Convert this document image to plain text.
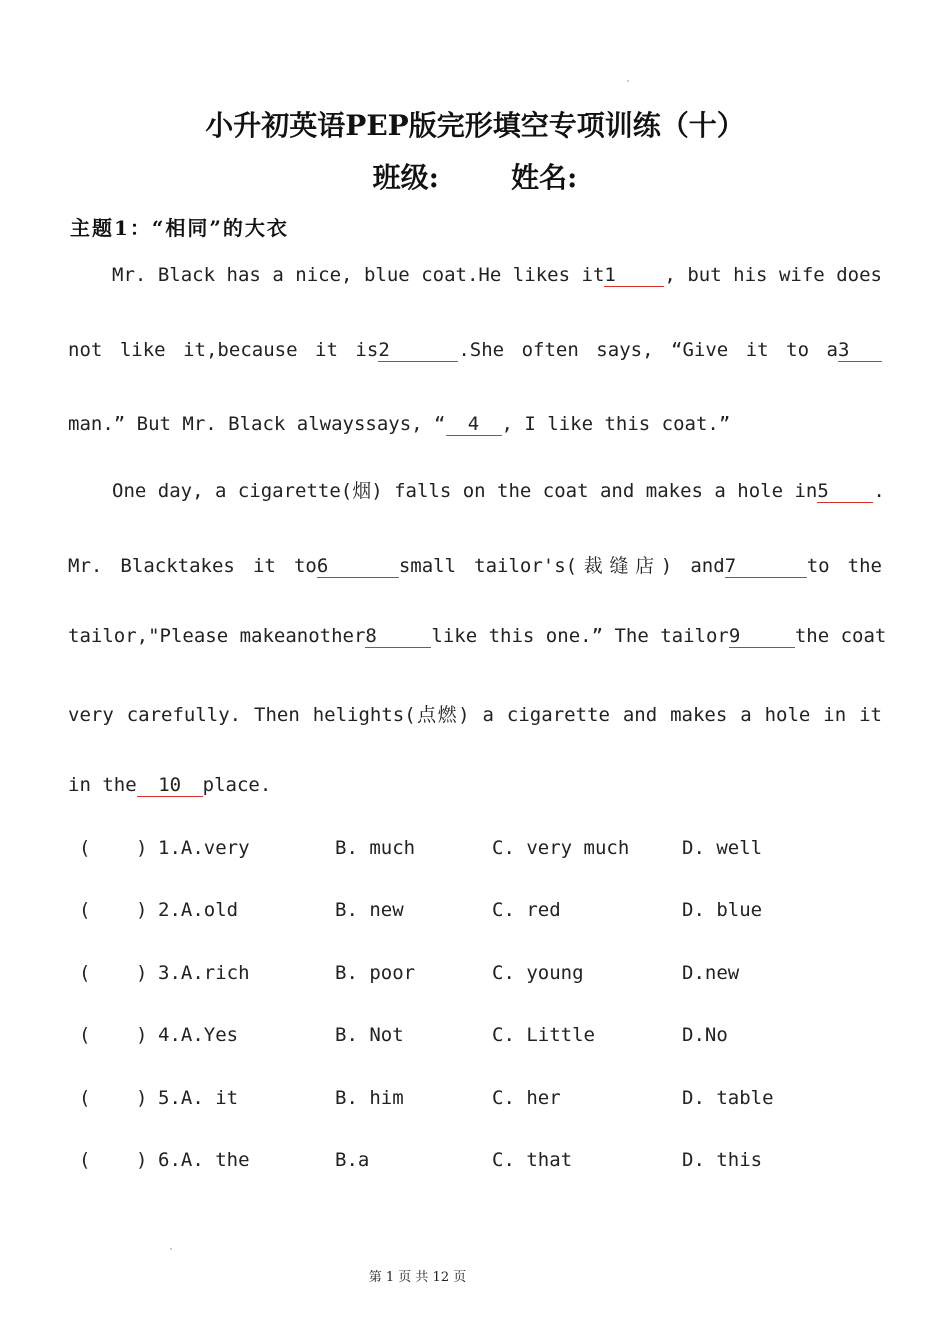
小升初英语PEP版完形填空专项训练（十）
班级:	姓名:
主题1：“相同”的大衣
Mr. Black has a nice, blue coat.He likes it1	, but his wife does
not like it,because it is2	.She often says, “Give it to a3
man.” But Mr. Black alwayssays, “ 4 , I like this coat.”
One day, a cigarette(烟) falls on the coat and makes a hole in5 .
Mr. Blacktakes it to6	small tailor's(裁缝店) and7	to the
tailor,"Please makeanother8	like this one.” The tailor9	the coat
very carefully. Then helights(点燃) a cigarette and makes a hole in it
in the 10 place.
( ) 1.A.very	B. much	C. very much	D. well
( ) 2.A.old	B. new	C. red	D. blue
( ) 3.A.rich	B. poor	C. young	D.new
( ) 4.A.Yes	B. Not	C. Little	D.No
( ) 5.A. it	B. him	C. her	D. table
( ) 6.A. the	B.a	C. that	D. this
第 1 页 共 12 页
